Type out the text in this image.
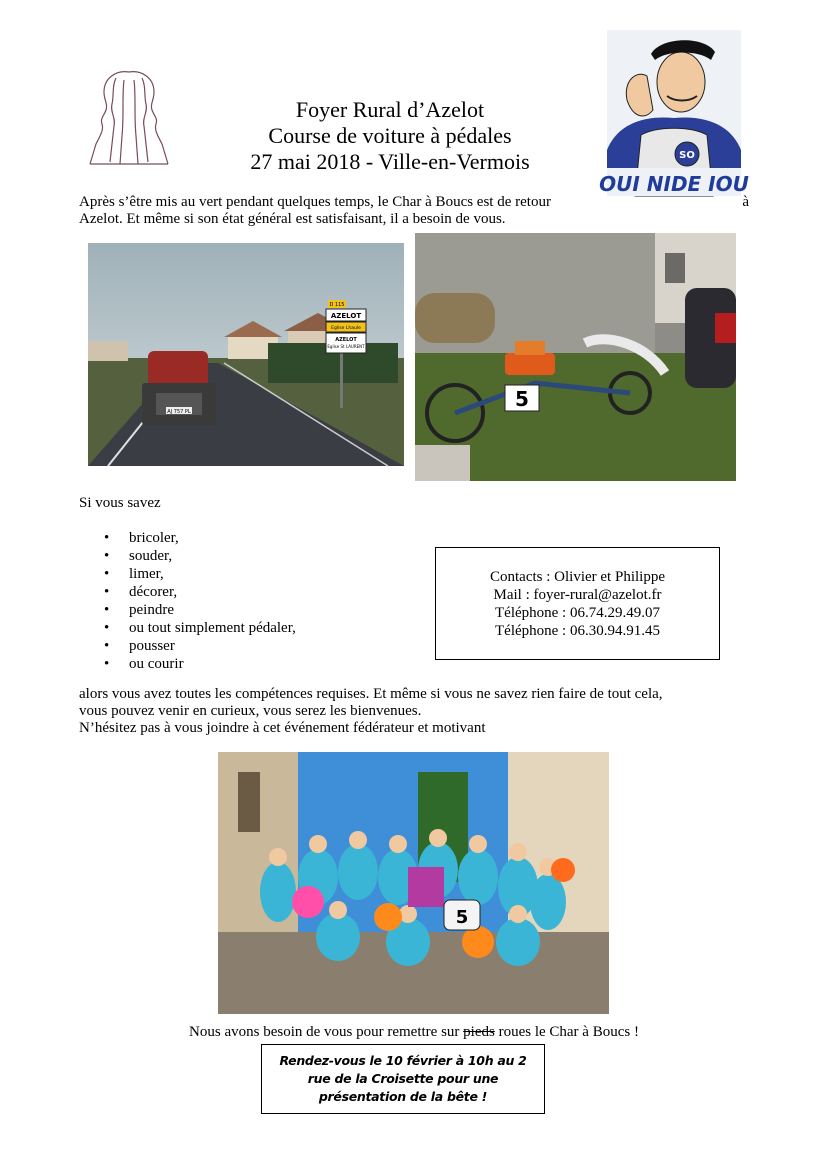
SO
OUI NIDE IOU
Foyer Rural d’Azelot
Course de voiture à pédales
27 mai 2018 - Ville-en-Vermois
Après s’être mis au vert pendant quelques temps, le Char à Boucs est de retour	à
Azelot. Et même si son état général est satisfaisant, il a besoin de vous.
AJ 757 PL
D 115
AZELOT
Eglise Lhaule
AZELOT
Eglise St LAURENT
5
Si vous savez
• bricoler,
• souder,
• limer,
• décorer,
• peindre
• ou tout simplement pédaler,
• pousser
• ou courir
Contacts : Olivier et Philippe
Mail : foyer-rural@azelot.fr
Téléphone : 06.74.29.49.07
Téléphone : 06.30.94.91.45
alors vous avez toutes les compétences requises. Et même si vous ne savez rien faire de tout cela,
vous pouvez venir en curieux, vous serez les bienvenues.
N’hésitez pas à vous joindre à cet événement fédérateur et motivant
5
Nous avons besoin de vous pour remettre sur pieds roues le Char à Boucs !
Rendez-vous le 10 février à 10h au 2 rue de la Croisette pour une présentation de la bête !
